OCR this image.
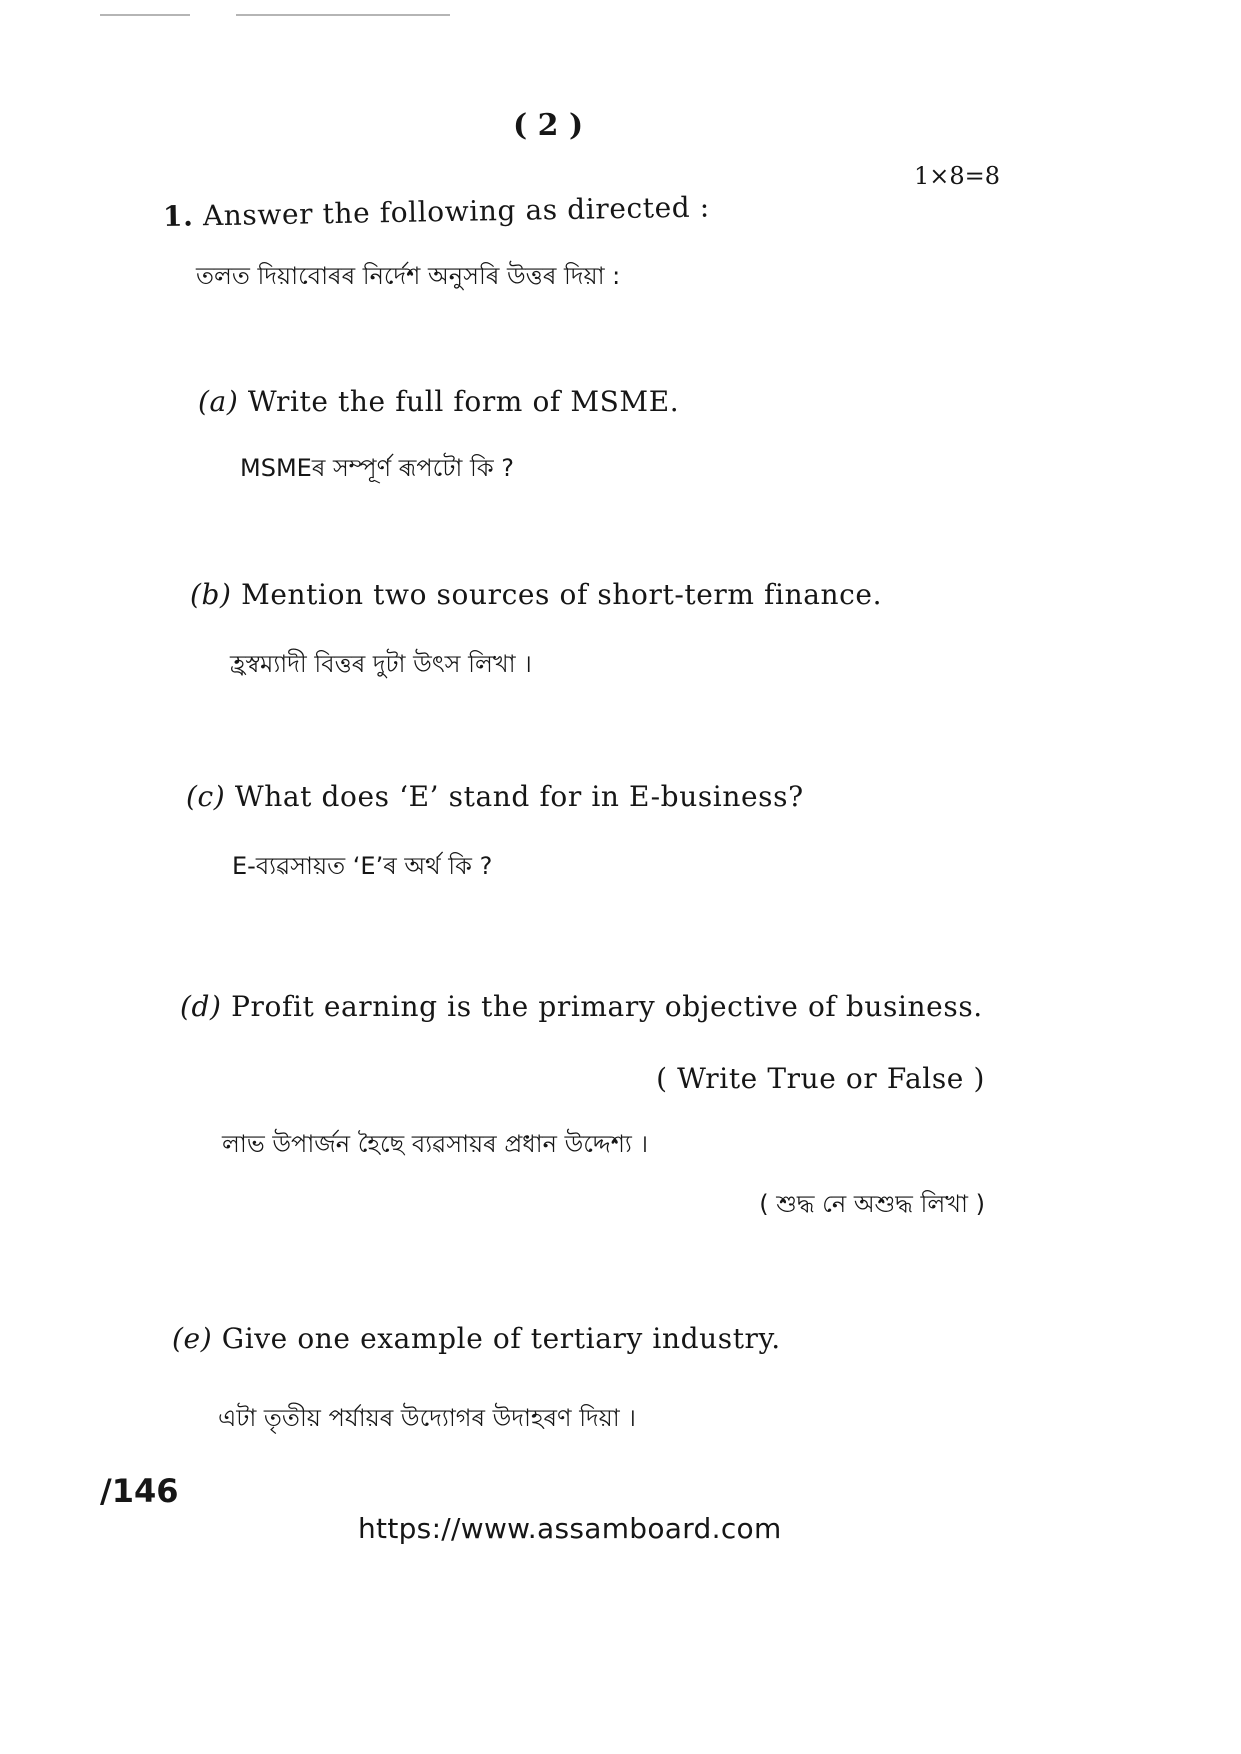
( 2 )
1×8=8
1. Answer the following as directed :
তলত দিয়াবোৰৰ নিৰ্দেশ অনুসৰি উত্তৰ দিয়া :
(a) Write the full form of MSME.
MSMEৰ সম্পূৰ্ণ ৰূপটো কি ?
(b) Mention two sources of short-term finance.
হ্ৰস্বম্যাদী বিত্তৰ দুটা উৎস লিখা ।
(c) What does ‘E’ stand for in E-business?
E-ব্যৱসায়ত ‘E’ৰ অৰ্থ কি ?
(d) Profit earning is the primary objective of business.
( Write True or False )
লাভ উপাৰ্জন হৈছে ব্যৱসায়ৰ প্ৰধান উদ্দেশ্য ।
( শুদ্ধ নে অশুদ্ধ লিখা )
(e) Give one example of tertiary industry.
এটা তৃতীয় পৰ্যায়ৰ উদ্যোগৰ উদাহৰণ দিয়া ।
/146
https://www.assamboard.com
